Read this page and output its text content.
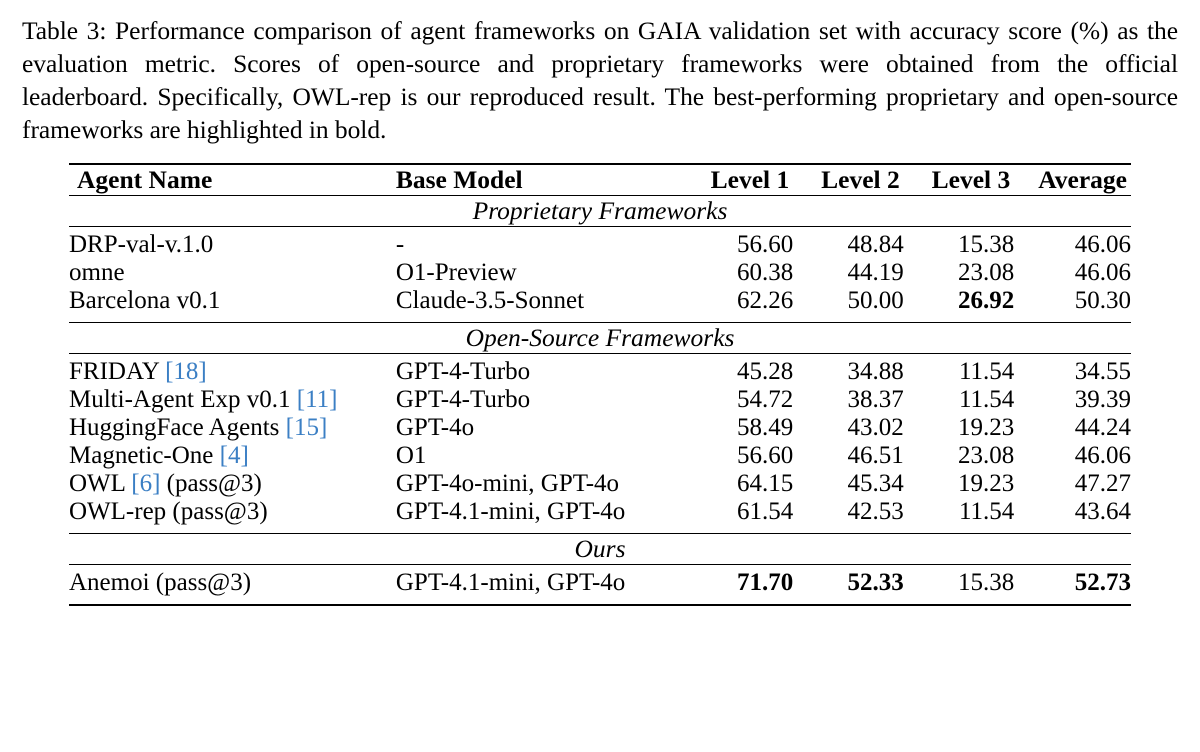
Table 3: Performance comparison of agent frameworks on GAIA validation set with accuracy score (%) as the evaluation metric. Scores of open-source and proprietary frameworks were obtained from the official leaderboard. Specifically, OWL-rep is our reproduced result. The best-performing proprietary and open-source frameworks are highlighted in bold.

Agent Name	Base Model	Level 1	Level 2	Level 3	Average

Proprietary Frameworks					

DRP-val-v.1.0	-	56.60	48.84	15.38	46.06
omne	O1-Preview	60.38	44.19	23.08	46.06
Barcelona v0.1	Claude-3.5-Sonnet	62.26	50.00	26.92	50.30

Open-Source Frameworks					

FRIDAY [18]	GPT-4-Turbo	45.28	34.88	11.54	34.55
Multi-Agent Exp v0.1 [11]	GPT-4-Turbo	54.72	38.37	11.54	39.39
HuggingFace Agents [15]	GPT-4o	58.49	43.02	19.23	44.24
Magnetic-One [4]	O1	56.60	46.51	23.08	46.06
OWL [6] (pass@3)	GPT-4o-mini, GPT-4o	64.15	45.34	19.23	47.27
OWL-rep (pass@3)	GPT-4.1-mini, GPT-4o	61.54	42.53	11.54	43.64

Ours					

Anemoi (pass@3)	GPT-4.1-mini, GPT-4o	71.70	52.33	15.38	52.73
